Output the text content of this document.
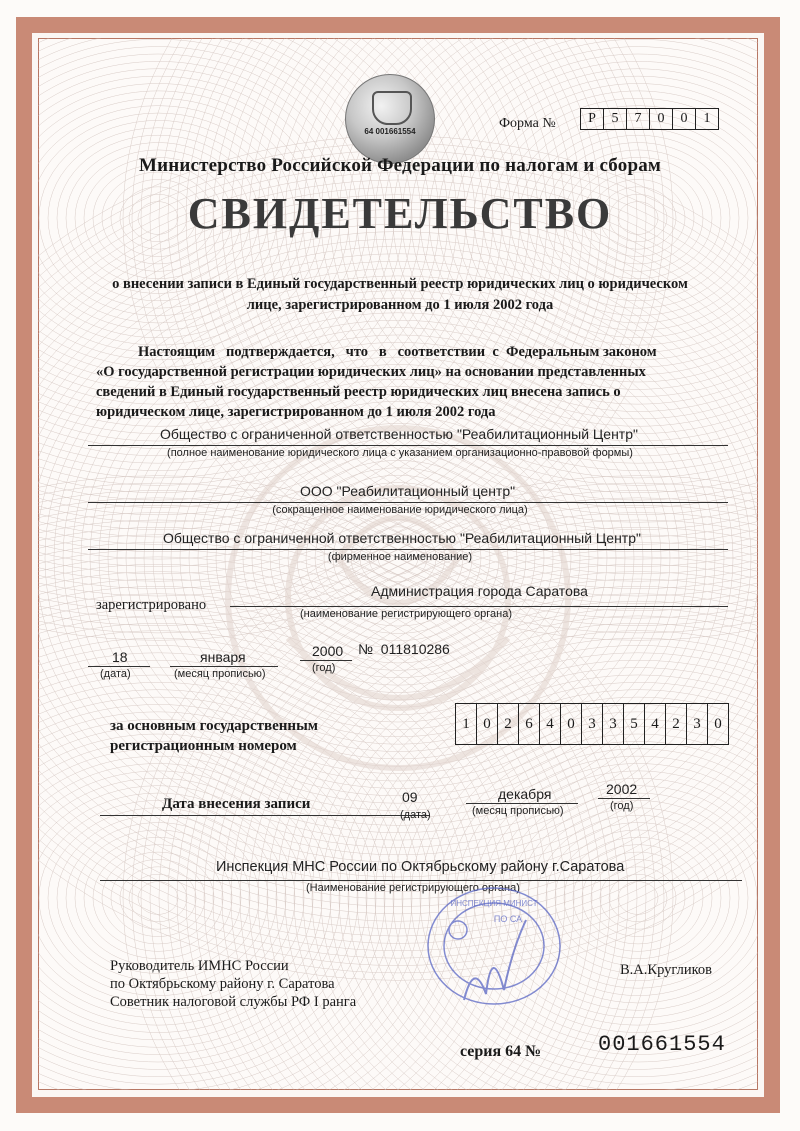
64 001661554
Форма №	Р	5	7	0	0	1
Министерство Российской Федерации по налогам и сборам
СВИДЕТЕЛЬСТВО
о внесении записи в Единый государственный реестр юридических лиц о юридическом
лице, зарегистрированном до 1 июля 2002 года
Настоящим   подтверждается,   что   в   соответствии  с  Федеральным законом
«О государственной регистрации юридических лиц» на основании представленных
сведений в Единый государственный реестр юридических лиц внесена запись о
юридическом лице, зарегистрированном до 1 июля 2002 года
Общество с ограниченной ответственностью "Реабилитационный Центр"
(полное наименование юридического лица с указанием организационно-правовой формы)
ООО "Реабилитационный центр"
(сокращенное наименование юридического лица)
Общество с ограниченной ответственностью "Реабилитационный Центр"
(фирменное наименование)
зарегистрировано
Администрация города Саратова
(наименование регистрирующего органа)
18
(дата)
января
(месяц прописью)
2000
(год)
№  011810286
за основным государственным
регистрационным номером
1 0 2 6 4 0 3 3 5 4 2 3 0
Дата внесения записи	09
(дата)
декабря
(месяц прописью)
2002
(год)
Инспекция МНС России по Октябрьскому району г.Саратова
(Наименование регистрирующего органа)
ИНСПЕКЦИЯ МИНИСТ
ПО СА
Руководитель ИМНС России
по Октябрьскому району г. Саратова
Советник налоговой службы РФ I ранга
В.А.Кругликов
серия 64 №	001661554
